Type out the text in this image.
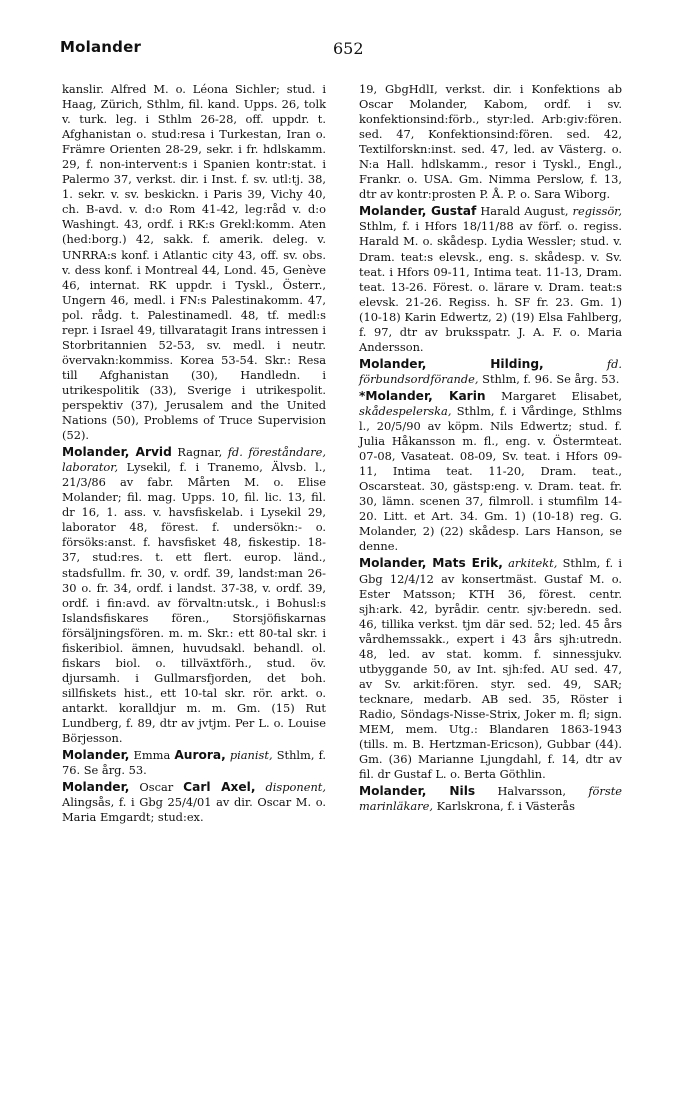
Molander	652

kanslir. Alfred M. o. Léona Sichler; stud. i Haag, Zürich, Sthlm, fil. kand. Upps. 26, tolk v. turk. leg. i Sthlm 26-28, off. uppdr. t. Afghanistan o. stud:resa i Turkestan, Iran o. Främre Orienten 28-29, sekr. i fr. hdlskamm. 29, f. non-intervent:s i Spanien kontr:stat. i Palermo 37, verkst. dir. i Inst. f. sv. utl:tj. 38, 1. sekr. v. sv. beskickn. i Paris 39, Vichy 40, ch. B-avd. v. d:o Rom 41-42, leg:råd v. d:o Washingt. 43, ordf. i RK:s Grekl:komm. Aten (hed:borg.) 42, sakk. f. amerik. deleg. v. UNRRA:s konf. i Atlantic city 43, off. sv. obs. v. dess konf. i Montreal 44, Lond. 45, Genève 46, internat. RK uppdr. i Tyskl., Österr., Ungern 46, medl. i FN:s Palestinakomm. 47, pol. rådg. t. Palestinamedl. 48, tf. medl:s repr. i Israel 49, tillvaratagit Irans intressen i Storbritannien 52-53, sv. medl. i neutr. övervakn:kommiss. Korea 53-54. Skr.: Resa till Afghanistan (30), Handledn. i utrikespolitik (33), Sverige i utrikespolit. perspektiv (37), Jerusalem and the United Nations (50), Problems of Truce Supervision (52).

Molander, Arvid Ragnar, fd. föreståndare, laborator, Lysekil, f. i Tranemo, Älvsb. l., 21/3/86 av fabr. Mårten M. o. Elise Molander; fil. mag. Upps. 10, fil. lic. 13, fil. dr 16, 1. ass. v. havsfiskelab. i Lysekil 29, laborator 48, förest. f. undersökn:- o. försöks:anst. f. havsfisket 48, fiskestip. 18-37, stud:res. t. ett flert. europ. länd., stadsfullm. fr. 30, v. ordf. 39, landst:man 26-30 o. fr. 34, ordf. i landst. 37-38, v. ordf. 39, ordf. i fin:avd. av förvaltn:utsk., i Bohusl:s Islandsfiskares fören., Storsjöfiskarnas försäljningsfören. m. m. Skr.: ett 80-tal skr. i fiskeribiol. ämnen, huvudsakl. behandl. ol. fiskars biol. o. tillväxtförh., stud. öv. djursamh. i Gullmarsfjorden, det boh. sillfiskets hist., ett 10-tal skr. rör. arkt. o. antarkt. koralldjur m. m. Gm. (15) Rut Lundberg, f. 89, dtr av jvtjm. Per L. o. Louise Börjesson.

Molander, Emma Aurora, pianist, Sthlm, f. 76. Se årg. 53.

Molander, Oscar Carl Axel, disponent, Alingsås, f. i Gbg 25/4/01 av dir. Oscar M. o. Maria Emgardt; stud:ex.

19, GbgHdlI, verkst. dir. i Konfektions ab Oscar Molander, Kabom, ordf. i sv. konfektionsind:förb., styr:led. Arb:giv:fören. sed. 47, Konfektionsind:fören. sed. 42, Textilforskn:inst. sed. 47, led. av Västerg. o. N:a Hall. hdlskamm., resor i Tyskl., Engl., Frankr. o. USA. Gm. Nimma Perslow, f. 13, dtr av kontr:prosten P. Å. P. o. Sara Wiborg.

Molander, Gustaf Harald August, regissör, Sthlm, f. i Hfors 18/11/88 av förf. o. regiss. Harald M. o. skådesp. Lydia Wessler; stud. v. Dram. teat:s elevsk., eng. s. skådesp. v. Sv. teat. i Hfors 09-11, Intima teat. 11-13, Dram. teat. 13-26. Förest. o. lärare v. Dram. teat:s elevsk. 21-26. Regiss. h. SF fr. 23. Gm. 1) (10-18) Karin Edwertz, 2) (19) Elsa Fahlberg, f. 97, dtr av bruksspatr. J. A. F. o. Maria Andersson.

Molander, Hilding,	fd. förbundsordförande, Sthlm, f. 96. Se årg. 53.

*Molander, Karin Margaret Elisabet, skådespelerska, Sthlm, f. i Vårdinge, Sthlms l., 20/5/90 av köpm. Nils Edwertz; stud. f. Julia Håkansson m. fl., eng. v. Östermteat. 07-08, Vasateat. 08-09, Sv. teat. i Hfors 09-11, Intima teat. 11-20, Dram. teat., Oscarsteat. 30, gästsp:eng. v. Dram. teat. fr. 30, lämn. scenen 37, filmroll. i stumfilm 14-20. Litt. et Art. 34. Gm. 1) (10-18) reg. G. Molander, 2) (22) skådesp. Lars Hanson, se denne.

Molander, Mats Erik, arkitekt, Sthlm, f. i Gbg 12/4/12 av konsertmäst. Gustaf M. o. Ester Matsson; KTH 36, förest. centr. sjh:ark. 42, byrådir. centr. sjv:beredn. sed. 46, tillika verkst. tjm där sed. 52; led. 45 års vårdhemssakk., expert i 43 års sjh:utredn. 48, led. av stat. komm. f. sinnessjukv. utbyggande 50, av Int. sjh:fed. AU sed. 47, av Sv. arkit:fören. styr. sed. 49, SAR; tecknare, medarb. AB sed. 35, Röster i Radio, Söndags-Nisse-Strix, Joker m. fl; sign. MEM, mem. Utg.: Blandaren 1863-1943 (tills. m. B. Hertzman-Ericson), Gubbar (44). Gm. (36) Marianne Ljungdahl, f. 14, dtr av fil. dr Gustaf L. o. Berta Göthlin.

Molander, Nils Halvarsson, förste marinläkare, Karlskrona, f. i Västerås
